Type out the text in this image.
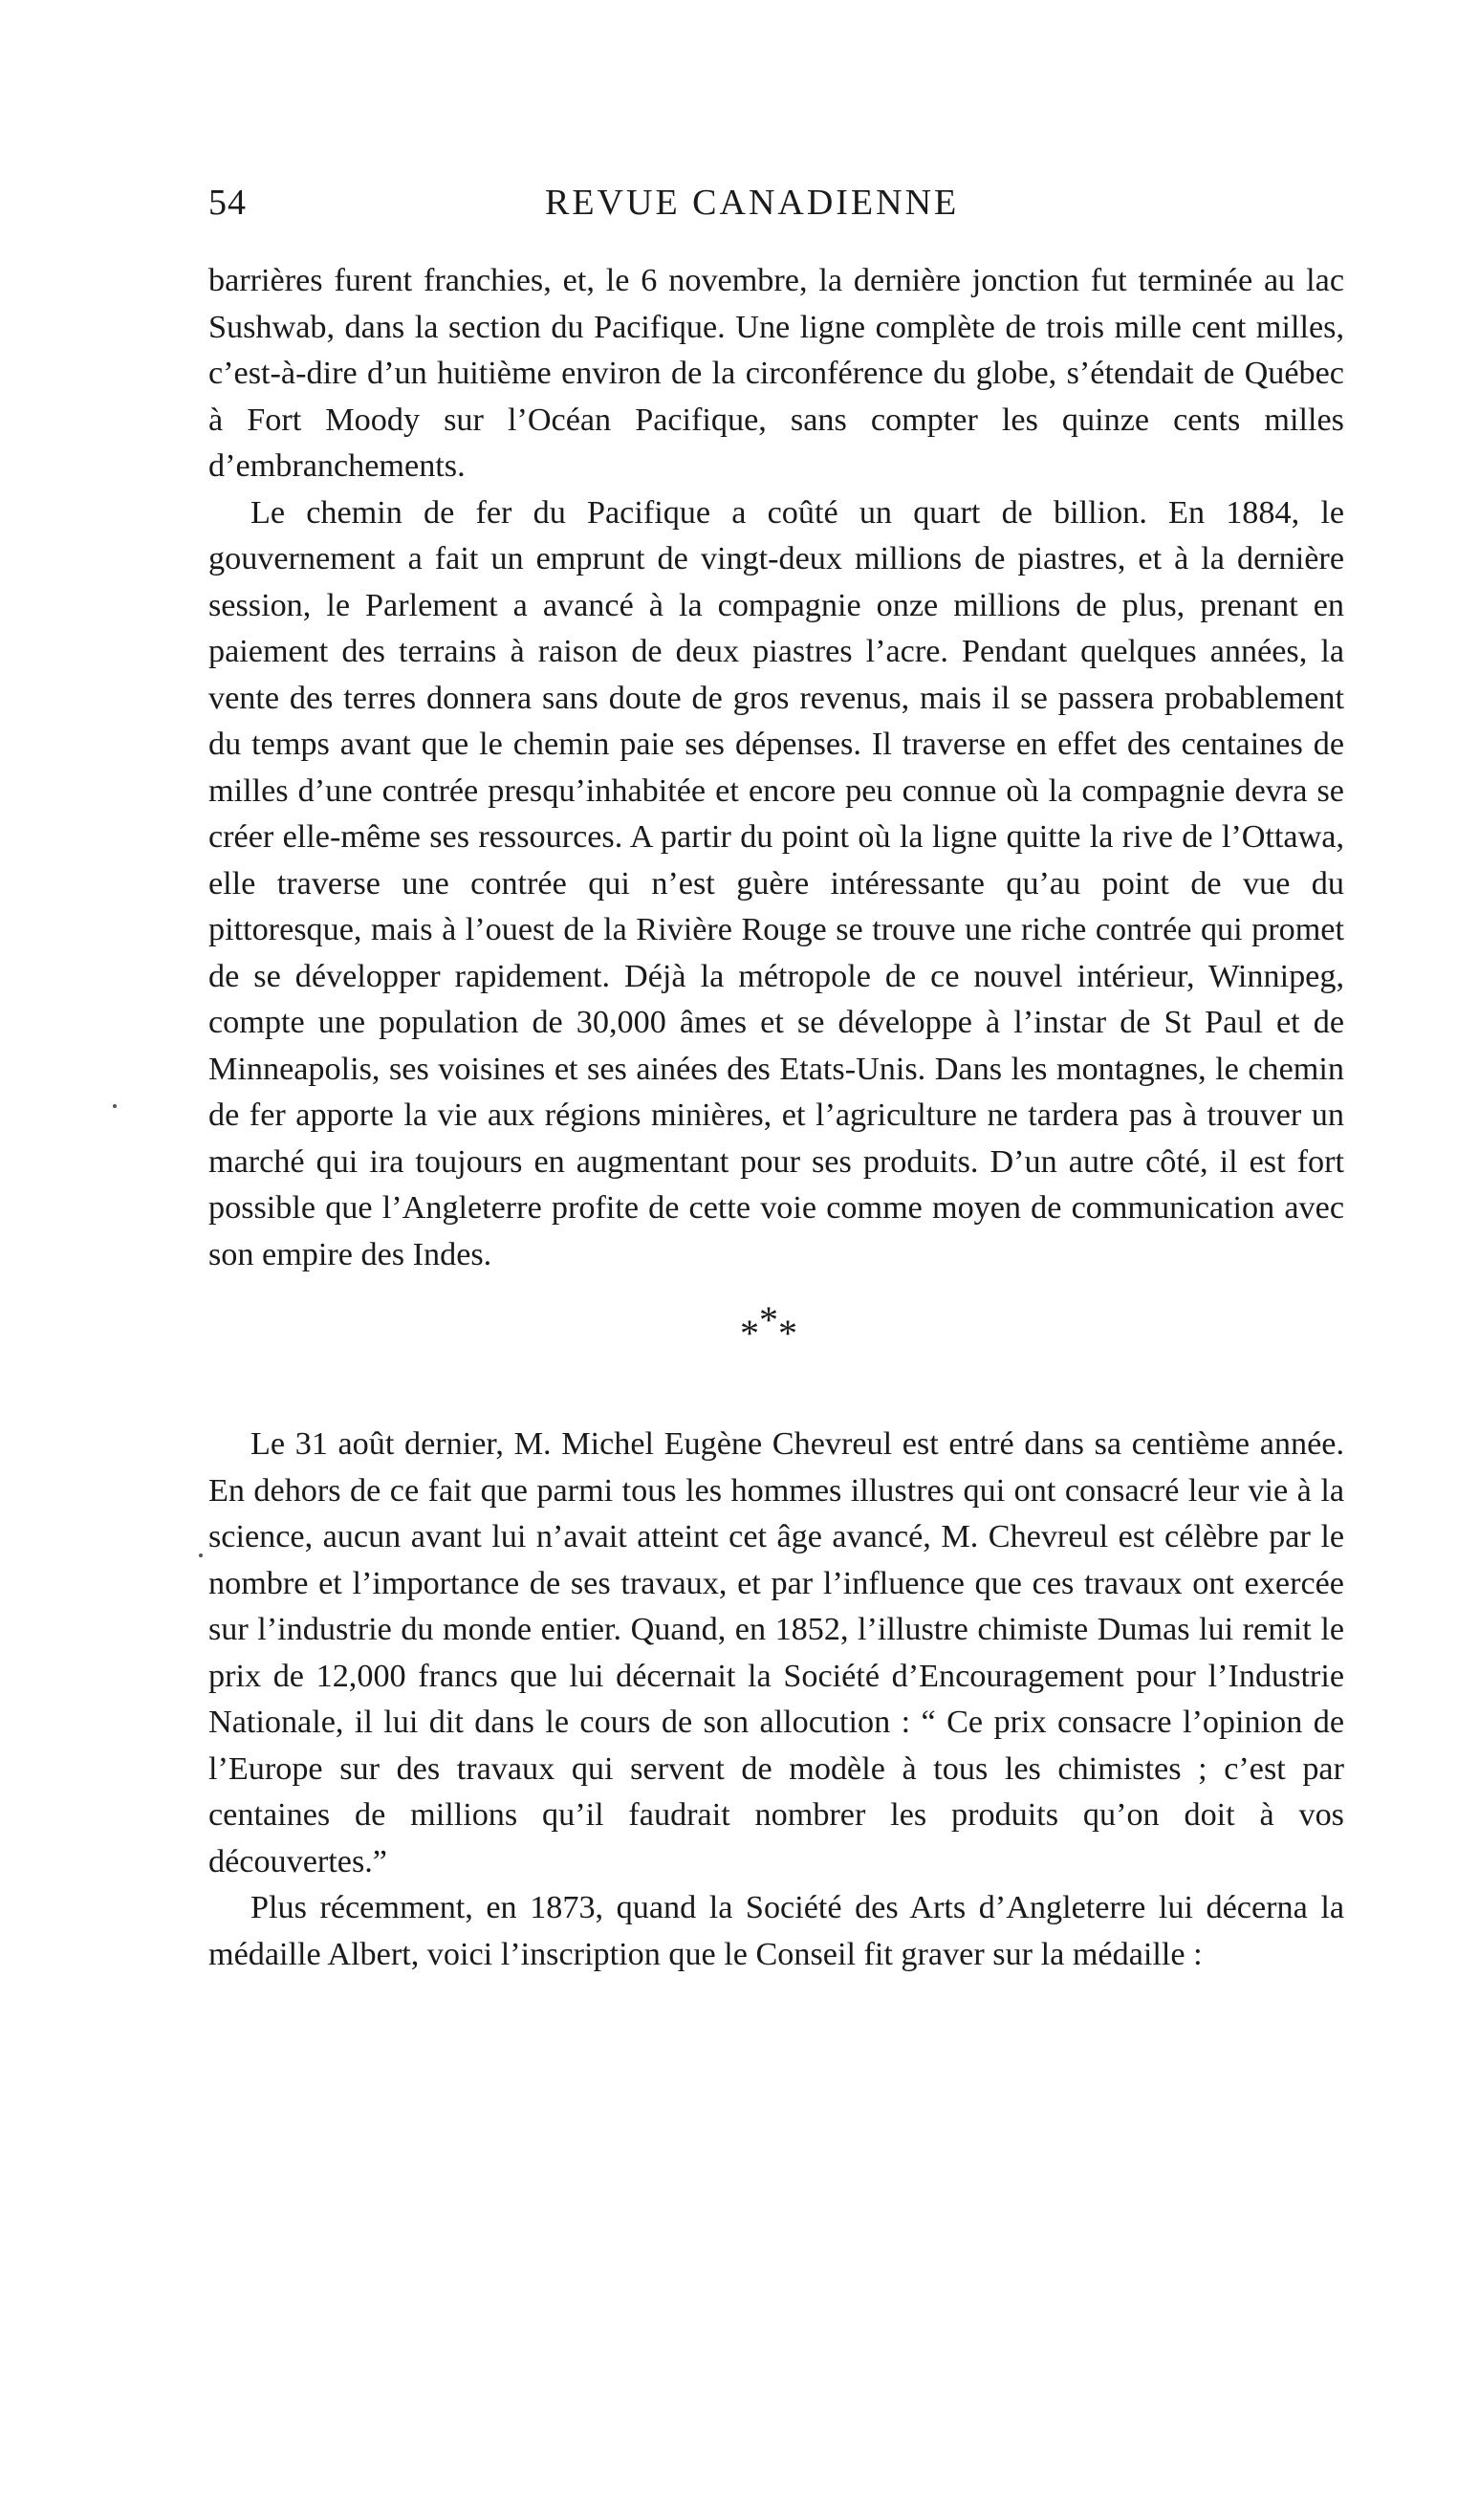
54	REVUE CANADIENNE

barrières furent franchies, et, le 6 novembre, la dernière jonction fut terminée au lac Sushwab, dans la section du Pacifique. Une ligne complète de trois mille cent milles, c’est-à-dire d’un huitième environ de la circonférence du globe, s’étendait de Québec à Fort Moody sur l’Océan Pacifique, sans compter les quinze cents milles d’embranchements.

Le chemin de fer du Pacifique a coûté un quart de billion. En 1884, le gouvernement a fait un emprunt de vingt-deux millions de piastres, et à la dernière session, le Parlement a avancé à la compagnie onze millions de plus, prenant en paiement des terrains à raison de deux piastres l’acre. Pendant quelques années, la vente des terres donnera sans doute de gros revenus, mais il se passera probablement du temps avant que le chemin paie ses dépenses. Il traverse en effet des centaines de milles d’une contrée presqu’inhabitée et encore peu connue où la compagnie devra se créer elle-même ses ressources. A partir du point où la ligne quitte la rive de l’Ottawa, elle traverse une contrée qui n’est guère intéressante qu’au point de vue du pittoresque, mais à l’ouest de la Rivière Rouge se trouve une riche contrée qui promet de se développer rapidement. Déjà la métropole de ce nouvel intérieur, Winnipeg, compte une population de 30,000 âmes et se développe à l’instar de St Paul et de Minneapolis, ses voisines et ses ainées des Etats-Unis. Dans les montagnes, le chemin de fer apporte la vie aux régions minières, et l’agriculture ne tardera pas à trouver un marché qui ira toujours en augmentant pour ses produits. D’un autre côté, il est fort possible que l’Angleterre profite de cette voie comme moyen de communication avec son empire des Indes.

***

Le 31 août dernier, M. Michel Eugène Chevreul est entré dans sa centième année. En dehors de ce fait que parmi tous les hommes illustres qui ont consacré leur vie à la science, aucun avant lui n’avait atteint cet âge avancé, M. Chevreul est célèbre par le nombre et l’importance de ses travaux, et par l’influence que ces travaux ont exercée sur l’industrie du monde entier. Quand, en 1852, l’illustre chimiste Dumas lui remit le prix de 12,000 francs que lui décernait la Société d’Encouragement pour l’Industrie Nationale, il lui dit dans le cours de son allocution : “ Ce prix consacre l’opinion de l’Europe sur des travaux qui servent de modèle à tous les chimistes ; c’est par centaines de millions qu’il faudrait nombrer les produits qu’on doit à vos découvertes.”

Plus récemment, en 1873, quand la Société des Arts d’Angleterre lui décerna la médaille Albert, voici l’inscription que le Conseil fit graver sur la médaille :
